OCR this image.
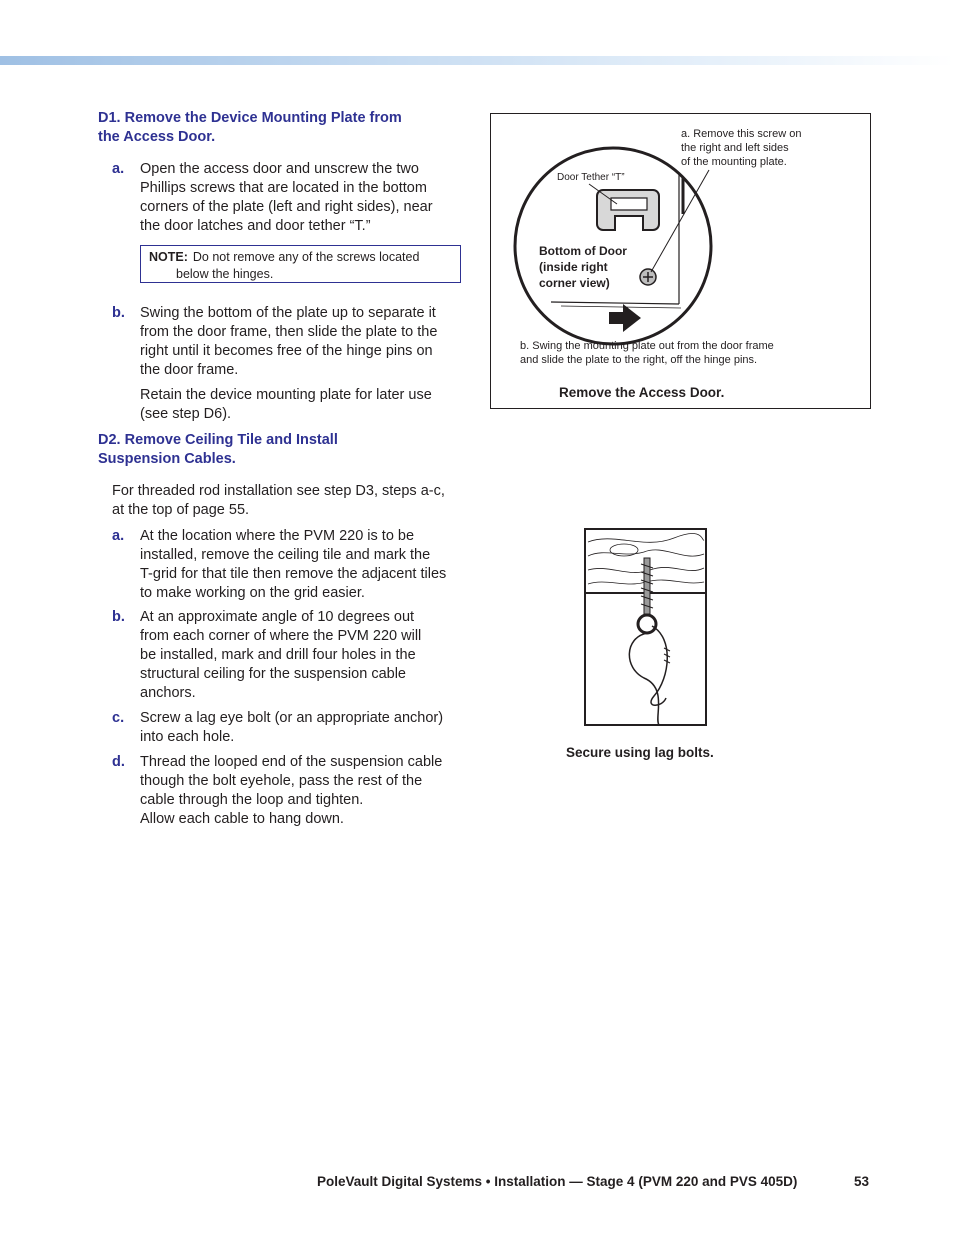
D1. Remove the Device Mounting Plate from
the Access Door.

a. Open the access door and unscrew the two
Phillips screws that are located in the bottom
corners of the plate (left and right sides), near
the door latches and door tether “T.”
NOTE: Do not remove any of the screws located
below the hinges.
b. Swing the bottom of the plate up to separate it
from the door frame, then slide the plate to the
right until it becomes free of the hinge pins on
the door frame.
Retain the device mounting plate for later use
(see step D6).

D2. Remove Ceiling Tile and Install
Suspension Cables.

For threaded rod installation see step D3, steps a-c,
at the top of page 55.
a. At the location where the PVM 220 is to be
installed, remove the ceiling tile and mark the
T-grid for that tile then remove the adjacent tiles
to make working on the grid easier.
b. At an approximate angle of 10 degrees out
from each corner of where the PVM 220 will
be installed, mark and drill four holes in the
structural ceiling for the suspension cable
anchors.
c. Screw a lag eye bolt (or an appropriate anchor)
into each hole.
d. Thread the looped end of the suspension cable
though the bolt eyehole, pass the rest of the
cable through the loop and tighten.
Allow each cable to hang down.
a. Remove this screw on
the right and left sides
of the mounting plate.
Door Tether “T”
Bottom of Door
(inside right
corner view)
b. Swing the mounting plate out from the door frame
and slide the plate to the right, off the hinge pins.
Remove the Access Door.
Secure using lag bolts.
PoleVault Digital Systems • Installation — Stage 4 (PVM 220 and PVS 405D)	53
